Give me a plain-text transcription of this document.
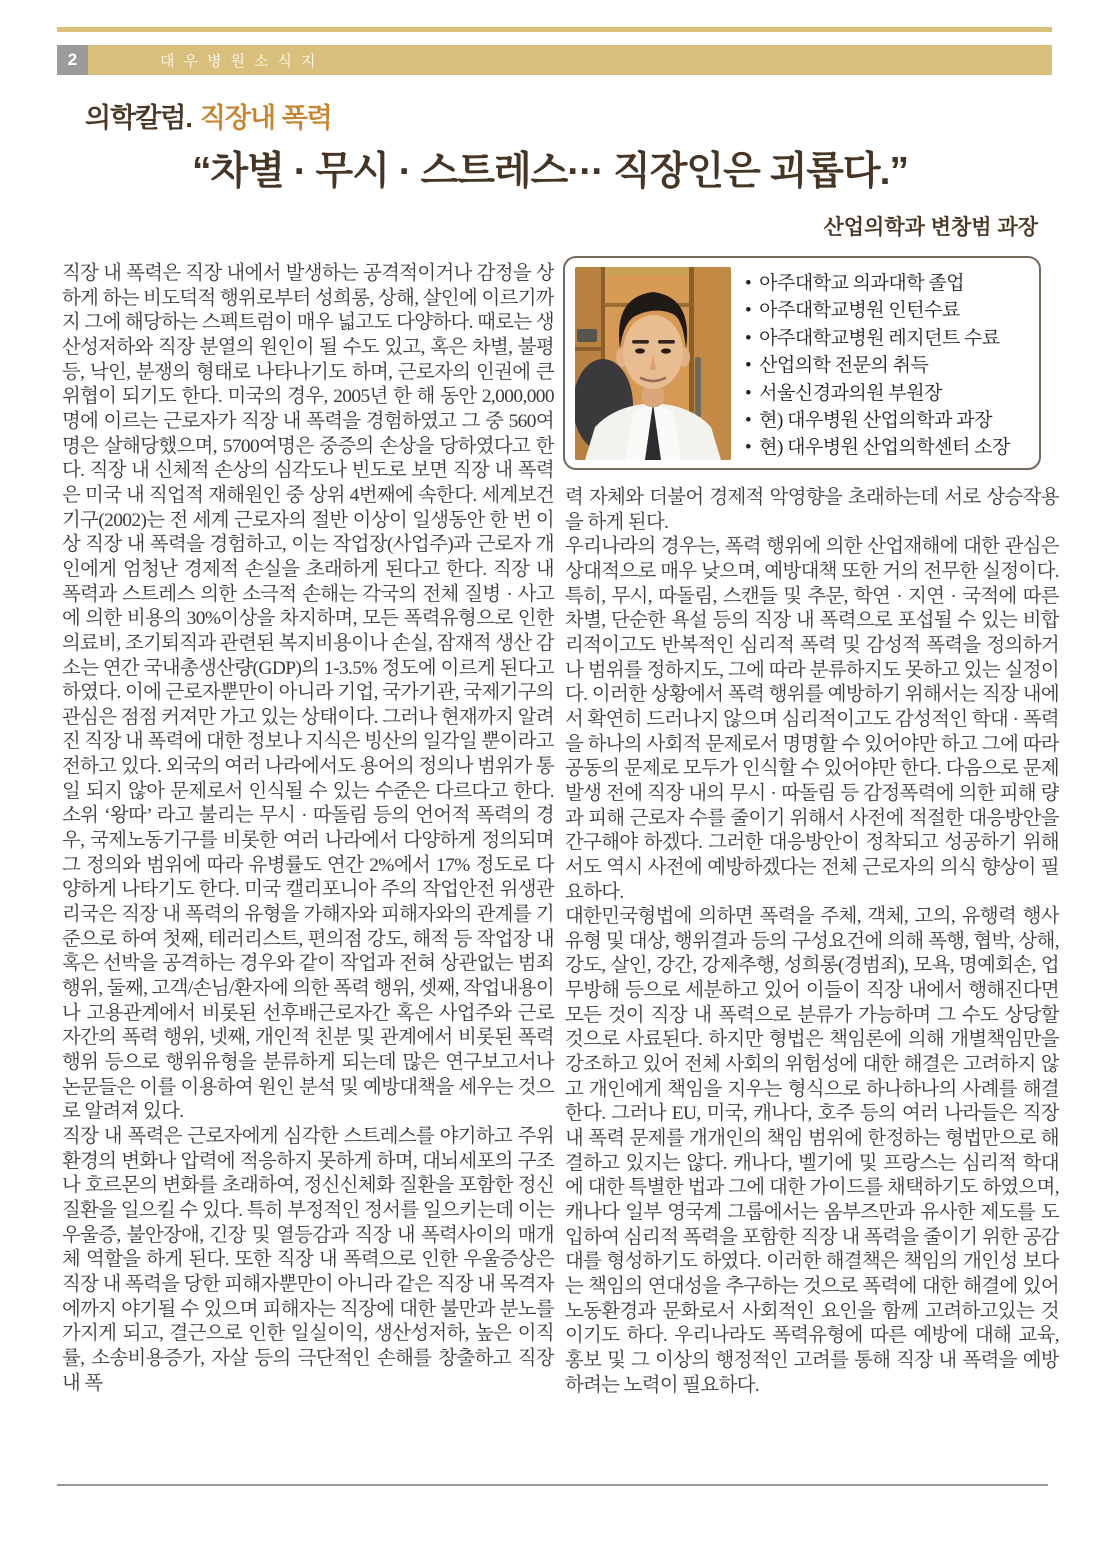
2	대우병원소식지
의학칼럼. 직장내 폭력
“차별 · 무시 · 스트레스··· 직장인은 괴롭다.”
산업의학과 변창범 과장
• 아주대학교 의과대학 졸업
• 아주대학교병원 인턴수료
• 아주대학교병원 레지던트 수료
• 산업의학 전문의 취득
• 서울신경과의원 부원장
• 현) 대우병원 산업의학과 과장
• 현) 대우병원 산업의학센터 소장

직장 내 폭력은 직장 내에서 발생하는 공격적이거나 감정을 상하게 하는 비도덕적 행위로부터 성희롱, 상해, 살인에 이르기까지 그에 해당하는 스펙트럼이 매우 넓고도 다양하다. 때로는 생산성저하와 직장 분열의 원인이 될 수도 있고, 혹은 차별, 불평등, 낙인, 분쟁의 형태로 나타나기도 하며, 근로자의 인권에 큰 위협이 되기도 한다. 미국의 경우, 2005년 한 해 동안 2,000,000명에 이르는 근로자가 직장 내 폭력을 경험하였고 그 중 560여명은 살해당했으며, 5700여명은 중증의 손상을 당하였다고 한다. 직장 내 신체적 손상의 심각도나 빈도로 보면 직장 내 폭력은 미국 내 직업적 재해원인 중 상위 4번째에 속한다. 세계보건기구(2002)는 전 세계 근로자의 절반 이상이 일생동안 한 번 이상 직장 내 폭력을 경험하고, 이는 작업장(사업주)과 근로자 개인에게 엄청난 경제적 손실을 초래하게 된다고 한다. 직장 내 폭력과 스트레스 의한 소극적 손해는 각국의 전체 질병 · 사고에 의한 비용의 30%이상을 차지하며, 모든 폭력유형으로 인한 의료비, 조기퇴직과 관련된 복지비용이나 손실, 잠재적 생산 감소는 연간 국내총생산량(GDP)의 1-3.5% 정도에 이르게 된다고 하였다. 이에 근로자뿐만이 아니라 기업, 국가기관, 국제기구의 관심은 점점 커져만 가고 있는 상태이다. 그러나 현재까지 알려진 직장 내 폭력에 대한 정보나 지식은 빙산의 일각일 뿐이라고 전하고 있다. 외국의 여러 나라에서도 용어의 정의나 범위가 통일 되지 않아 문제로서 인식될 수 있는 수준은 다르다고 한다. 소위 ‘왕따’ 라고 불리는 무시 · 따돌림 등의 언어적 폭력의 경우, 국제노동기구를 비롯한 여러 나라에서 다양하게 정의되며 그 정의와 범위에 따라 유병률도 연간 2%에서 17% 정도로 다양하게 나타기도 한다. 미국 캘리포니아 주의 작업안전 위생관리국은 직장 내 폭력의 유형을 가해자와 피해자와의 관계를 기준으로 하여 첫째, 테러리스트, 편의점 강도, 해적 등 작업장 내 혹은 선박을 공격하는 경우와 같이 작업과 전혀 상관없는 범죄행위, 둘째, 고객/손님/환자에 의한 폭력 행위, 셋째, 작업내용이나 고용관계에서 비롯된 선후배근로자간 혹은 사업주와 근로자간의 폭력 행위, 넷째, 개인적 친분 및 관계에서 비롯된 폭력 행위 등으로 행위유형을 분류하게 되는데 많은 연구보고서나 논문들은 이를 이용하여 원인 분석 및 예방대책을 세우는 것으로 알려져 있다.

직장 내 폭력은 근로자에게 심각한 스트레스를 야기하고 주위환경의 변화나 압력에 적응하지 못하게 하며, 대뇌세포의 구조나 호르몬의 변화를 초래하여, 정신신체화 질환을 포함한 정신질환을 일으킬 수 있다. 특히 부정적인 정서를 일으키는데 이는 우울증, 불안장애, 긴장 및 열등감과 직장 내 폭력사이의 매개체 역할을 하게 된다. 또한 직장 내 폭력으로 인한 우울증상은 직장 내 폭력을 당한 피해자뿐만이 아니라 같은 직장 내 목격자에까지 야기될 수 있으며 피해자는 직장에 대한 불만과 분노를 가지게 되고, 결근으로 인한 일실이익, 생산성저하, 높은 이직률, 소송비용증가, 자살 등의 극단적인 손해를 창출하고 직장 내 폭

력 자체와 더불어 경제적 악영향을 초래하는데 서로 상승작용을 하게 된다.

우리나라의 경우는, 폭력 행위에 의한 산업재해에 대한 관심은 상대적으로 매우 낮으며, 예방대책 또한 거의 전무한 실정이다. 특히, 무시, 따돌림, 스캔들 및 추문, 학연 · 지연 · 국적에 따른 차별, 단순한 욕설 등의 직장 내 폭력으로 포섭될 수 있는 비합리적이고도 반복적인 심리적 폭력 및 감성적 폭력을 정의하거나 범위를 정하지도, 그에 따라 분류하지도 못하고 있는 실정이다. 이러한 상황에서 폭력 행위를 예방하기 위해서는 직장 내에서 확연히 드러나지 않으며 심리적이고도 감성적인 학대 · 폭력을 하나의 사회적 문제로서 명명할 수 있어야만 하고 그에 따라 공동의 문제로 모두가 인식할 수 있어야만 한다. 다음으로 문제 발생 전에 직장 내의 무시 · 따돌림 등 감정폭력에 의한 피해 량과 피해 근로자 수를 줄이기 위해서 사전에 적절한 대응방안을 간구해야 하겠다. 그러한 대응방안이 정착되고 성공하기 위해서도 역시 사전에 예방하겠다는 전체 근로자의 의식 향상이 필요하다.

대한민국형법에 의하면 폭력을 주체, 객체, 고의, 유행력 행사유형 및 대상, 행위결과 등의 구성요건에 의해 폭행, 협박, 상해, 강도, 살인, 강간, 강제추행, 성희롱(경범죄), 모욕, 명예회손, 업무방해 등으로 세분하고 있어 이들이 직장 내에서 행해진다면 모든 것이 직장 내 폭력으로 분류가 가능하며 그 수도 상당할 것으로 사료된다. 하지만 형법은 책임론에 의해 개별책임만을 강조하고 있어 전체 사회의 위험성에 대한 해결은 고려하지 않고 개인에게 책임을 지우는 형식으로 하나하나의 사례를 해결한다. 그러나 EU, 미국, 캐나다, 호주 등의 여러 나라들은 직장 내 폭력 문제를 개개인의 책임 범위에 한정하는 형법만으로 해결하고 있지는 않다. 캐나다, 벨기에 및 프랑스는 심리적 학대에 대한 특별한 법과 그에 대한 가이드를 채택하기도 하였으며, 캐나다 일부 영국계 그룹에서는 옴부즈만과 유사한 제도를 도입하여 심리적 폭력을 포함한 직장 내 폭력을 줄이기 위한 공감대를 형성하기도 하였다. 이러한 해결책은 책임의 개인성 보다는 책임의 연대성을 추구하는 것으로 폭력에 대한 해결에 있어 노동환경과 문화로서 사회적인 요인을 함께 고려하고있는 것이기도 하다. 우리나라도 폭력유형에 따른 예방에 대해 교육, 홍보 및 그 이상의 행정적인 고려를 통해 직장 내 폭력을 예방하려는 노력이 필요하다.
